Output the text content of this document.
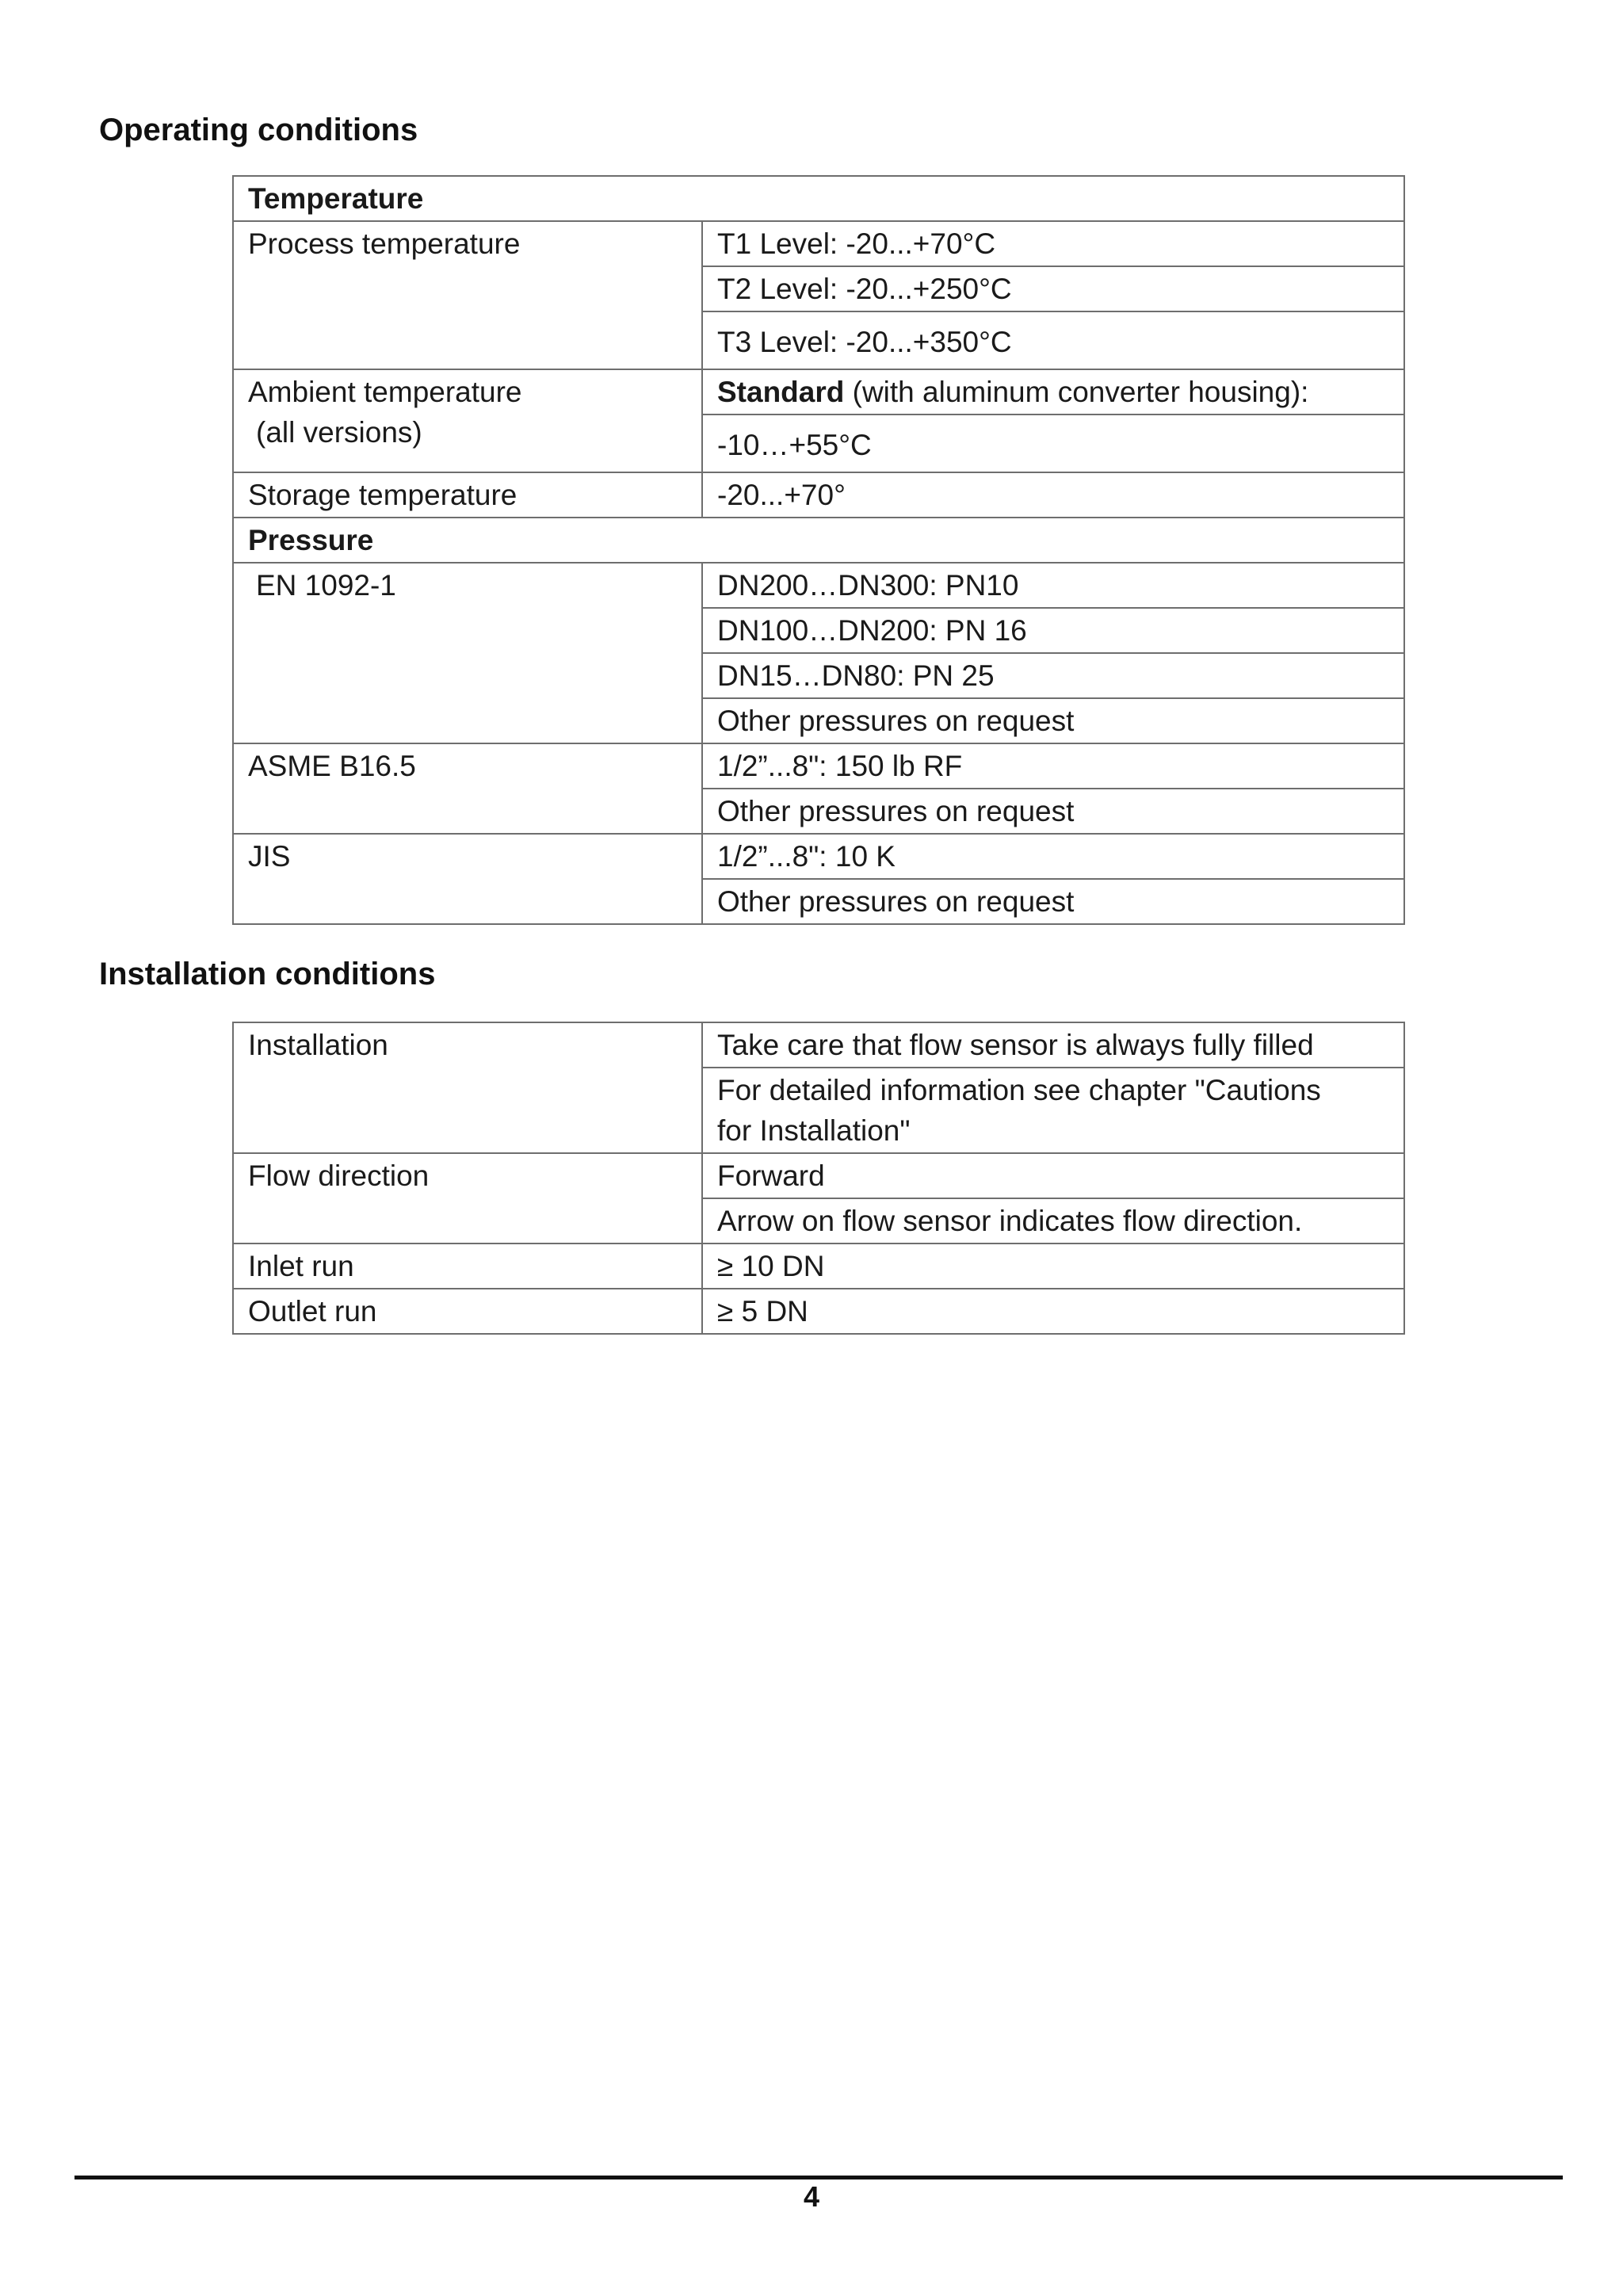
Operating conditions
Temperature	
Process temperature	T1 Level: -20...+70°C
	T2 Level: -20...+250°C
	T3 Level: -20...+350°C

Ambient temperature
(all versions)	Standard (with aluminum converter housing):
	-10…+55°C
Storage temperature	-20...+70°
Pressure	
EN 1092-1	DN200…DN300: PN10
	DN100…DN200: PN 16
	DN15…DN80: PN 25
	Other pressures on request
ASME B16.5	1/2”...8": 150 lb RF
	Other pressures on request
JIS	1/2”...8": 10 K
	Other pressures on request
Installation conditions
Installation	Take care that flow sensor is always fully filled

	For detailed information see chapter "Cautions
for Installation"

Flow direction	Forward
	Arrow on flow sensor indicates flow direction.
Inlet run	≥ 10 DN
Outlet run	≥ 5 DN
4
